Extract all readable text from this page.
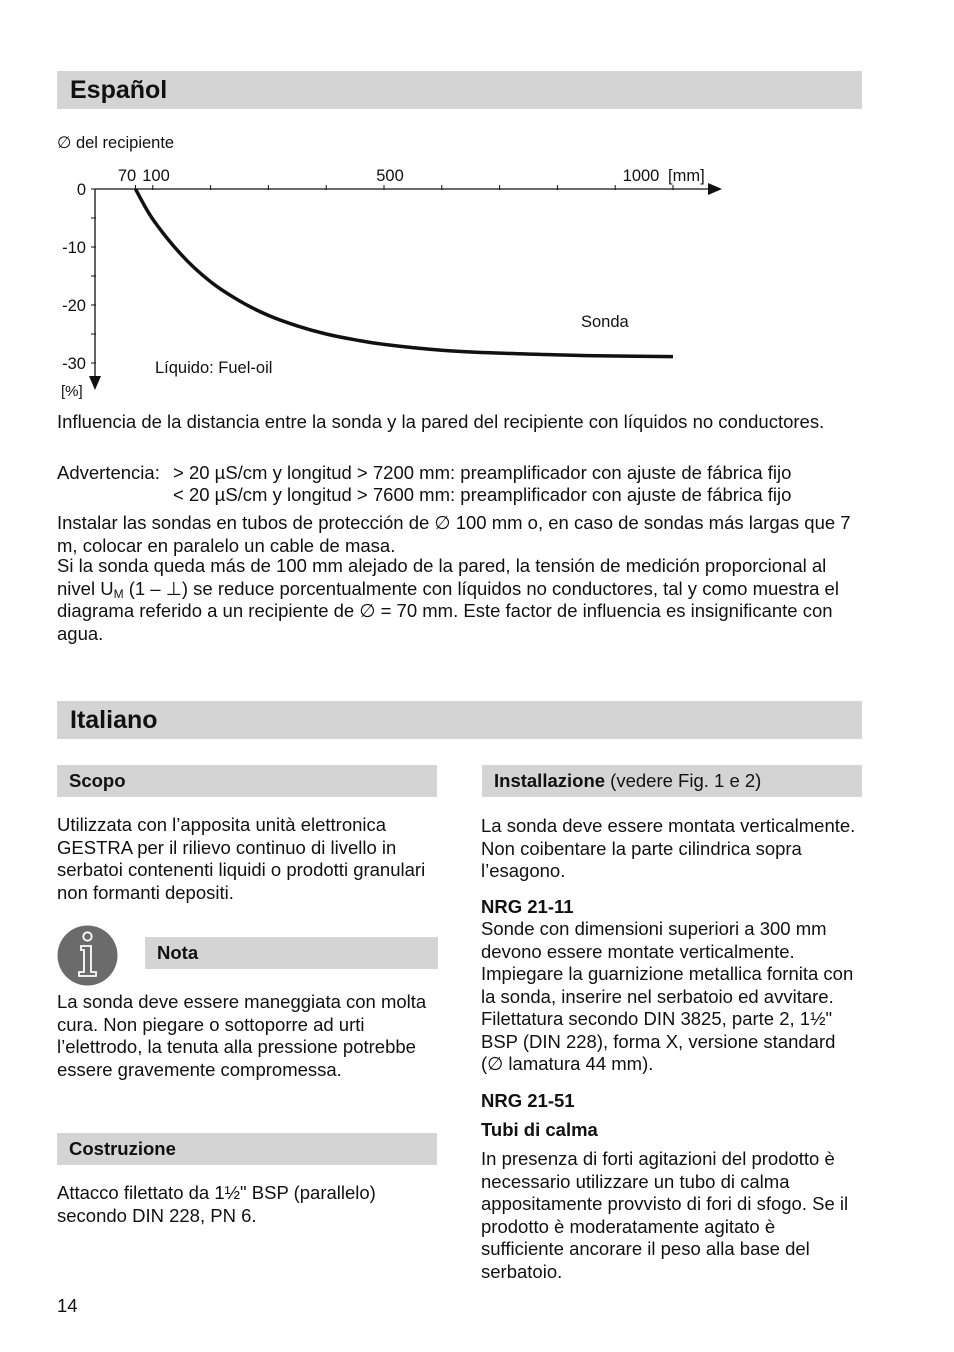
Español
∅ del recipiente
70 100	500	1000 [mm]
0
-10
-20
-30
[%]
Líquido: Fuel-oil
Sonda

Influencia de la distancia entre la sonda y la pared del recipiente con líquidos no conductores.

Advertencia: > 20 µS/cm y longitud > 7200 mm: preamplificador con ajuste de fábrica fijo
< 20 µS/cm y longitud > 7600 mm: preamplificador con ajuste de fábrica fijo

Instalar las sondas en tubos de protección de ∅ 100 mm o, en caso de sondas más largas que 7 m, colocar en paralelo un cable de masa.

Si la sonda queda más de 100 mm alejado de la pared, la tensión de medición proporcional al nivel $U_M$ (1 – ⊥) se reduce porcentualmente con líquidos no conductores, tal y como muestra el diagrama referido a un recipiente de ∅ = 70 mm. Este factor de influencia es insignificante con agua.

Italiano
Scopo

Utilizzata con l’apposita unità elettronica GESTRA per il rilievo continuo di livello in serbatoi contenenti liquidi o prodotti granulari non formanti depositi.

Nota

La sonda deve essere maneggiata con molta cura. Non piegare o sottoporre ad urti l’elettrodo, la tenuta alla pressione potrebbe essere gravemente compromessa.

Costruzione

Attacco filettato da 1½" BSP (parallelo) secondo DIN 228, PN 6.

Installazione (vedere Fig. 1 e 2)

La sonda deve essere montata verticalmente. Non coibentare la parte cilindrica sopra l’esagono.

NRG 21-11

Sonde con dimensioni superiori a 300 mm devono essere montate verticalmente. Impiegare la guarnizione metallica fornita con la sonda, inserire nel serbatoio ed avvitare. Filettatura secondo DIN 3825, parte 2, 1½" BSP (DIN 228), forma X, versione standard (∅ lamatura 44 mm).

NRG 21-51
Tubi di calma

In presenza di forti agitazioni del prodotto è necessario utilizzare un tubo di calma appositamente provvisto di fori di sfogo. Se il prodotto è moderatamente agitato è sufficiente ancorare il peso alla base del serbatoio.

14
